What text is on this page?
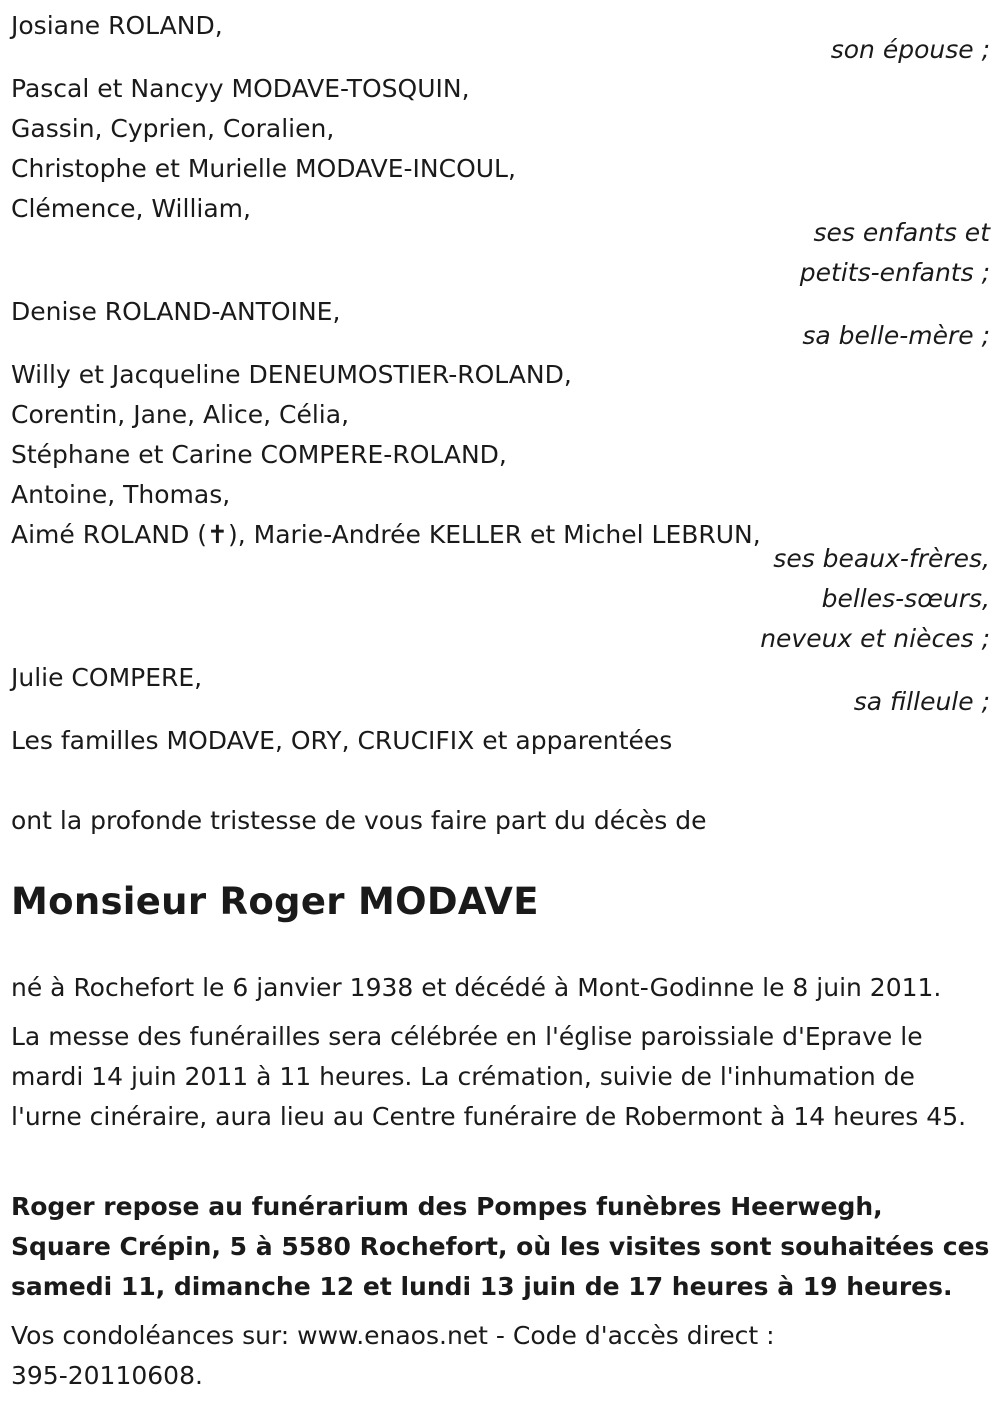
Josiane ROLAND,
son épouse ;
Pascal et Nancyy MODAVE-TOSQUIN,
Gassin, Cyprien, Coralien,
Christophe et Murielle MODAVE-INCOUL,
Clémence, William,
ses enfants et
petits-enfants ;
Denise ROLAND-ANTOINE,
sa belle-mère ;
Willy et Jacqueline DENEUMOSTIER-ROLAND,
Corentin, Jane, Alice, Célia,
Stéphane et Carine COMPERE-ROLAND,
Antoine, Thomas,
Aimé ROLAND (✝), Marie-Andrée KELLER et Michel LEBRUN,
ses beaux-frères,
belles-sœurs,
neveux et nièces ;
Julie COMPERE,
sa filleule ;
Les familles MODAVE, ORY, CRUCIFIX et apparentées
ont la profonde tristesse de vous faire part du décès de
Monsieur Roger MODAVE
né à Rochefort le 6 janvier 1938 et décédé à Mont-Godinne le 8 juin 2011.
La messe des funérailles sera célébrée en l'église paroissiale d'Eprave le mardi 14 juin 2011 à 11 heures. La crémation, suivie de l'inhumation de l'urne cinéraire, aura lieu au Centre funéraire de Robermont à 14 heures 45.
Roger repose au funérarium des Pompes funèbres Heerwegh, Square Crépin, 5 à 5580 Rochefort, où les visites sont souhaitées ces samedi 11, dimanche 12 et lundi 13 juin de 17 heures à 19 heures.
Vos condoléances sur: www.enaos.net - Code d'accès direct : 395-20110608.
